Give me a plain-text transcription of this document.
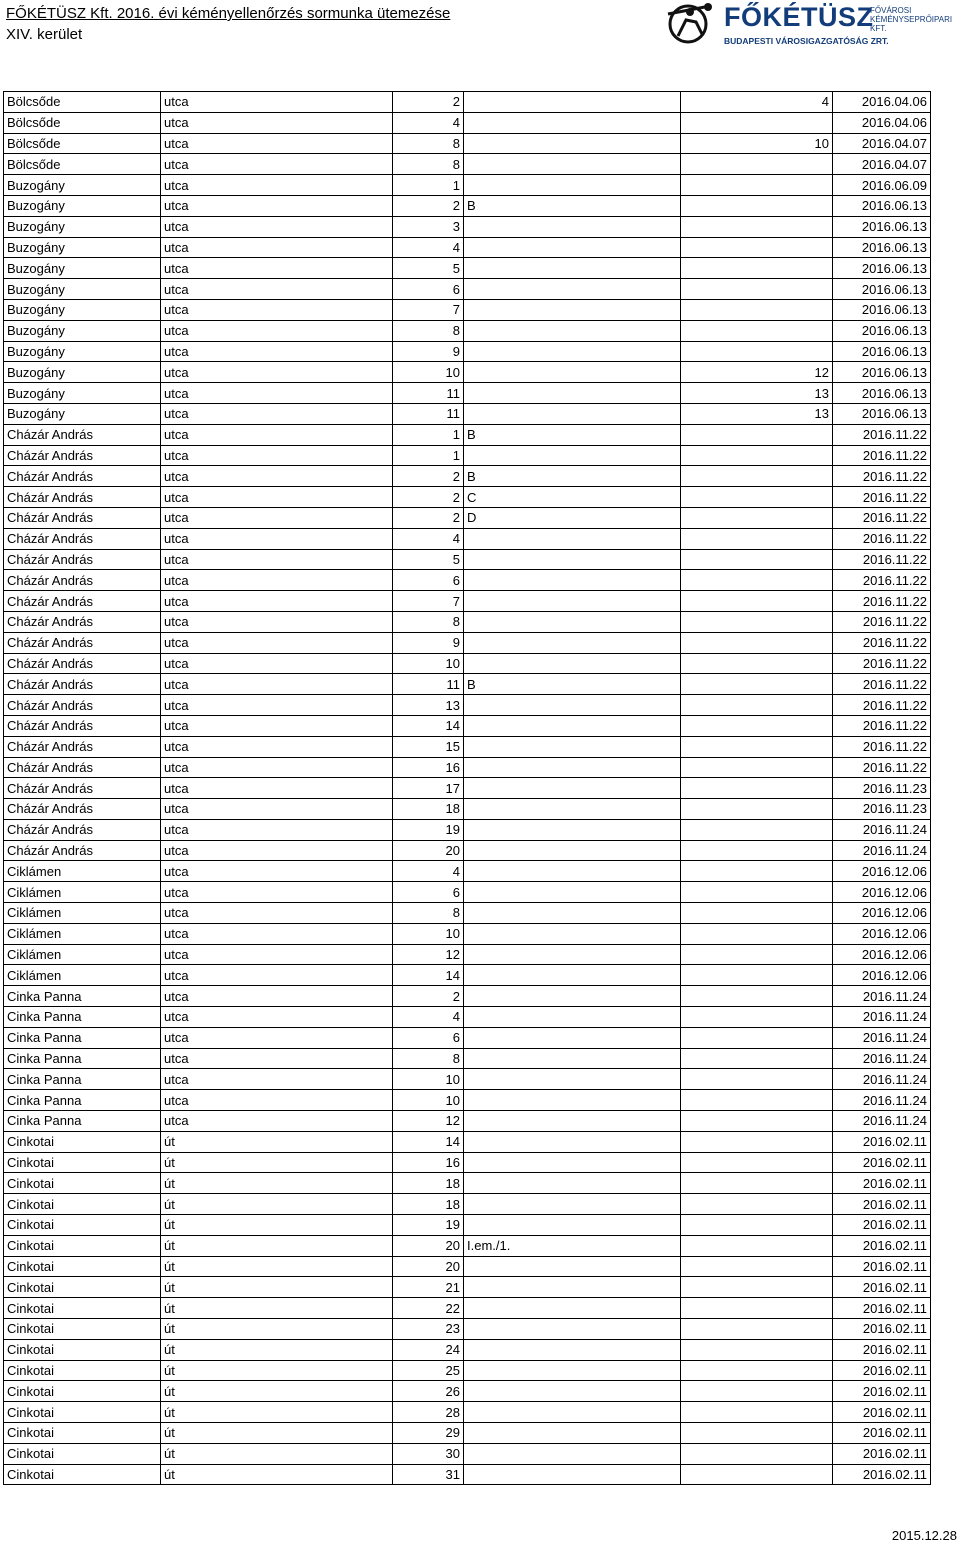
FŐKÉTÜSZ Kft. 2016. évi kéményellenőrzés sormunka ütemezése
XIV. kerület
FŐKÉTÜSZ
FŐVÁROSI KÉMÉNYSEPRŐIPARI KFT.
BUDAPESTI VÁROSIGAZGATÓSÁG ZRT.
Bölcsőde	utca	2		4	2016.04.06
Bölcsőde	utca	4			2016.04.06
Bölcsőde	utca	8		10	2016.04.07
Bölcsőde	utca	8			2016.04.07
Buzogány	utca	1			2016.06.09
Buzogány	utca	2	B		2016.06.13
Buzogány	utca	3			2016.06.13
Buzogány	utca	4			2016.06.13
Buzogány	utca	5			2016.06.13
Buzogány	utca	6			2016.06.13
Buzogány	utca	7			2016.06.13
Buzogány	utca	8			2016.06.13
Buzogány	utca	9			2016.06.13
Buzogány	utca	10		12	2016.06.13
Buzogány	utca	11		13	2016.06.13
Buzogány	utca	11		13	2016.06.13
Cházár András	utca	1	B		2016.11.22
Cházár András	utca	1			2016.11.22
Cházár András	utca	2	B		2016.11.22
Cházár András	utca	2	C		2016.11.22
Cházár András	utca	2	D		2016.11.22
Cházár András	utca	4			2016.11.22
Cházár András	utca	5			2016.11.22
Cházár András	utca	6			2016.11.22
Cházár András	utca	7			2016.11.22
Cházár András	utca	8			2016.11.22
Cházár András	utca	9			2016.11.22
Cházár András	utca	10			2016.11.22
Cházár András	utca	11	B		2016.11.22
Cházár András	utca	13			2016.11.22
Cházár András	utca	14			2016.11.22
Cházár András	utca	15			2016.11.22
Cházár András	utca	16			2016.11.22
Cházár András	utca	17			2016.11.23
Cházár András	utca	18			2016.11.23
Cházár András	utca	19			2016.11.24
Cházár András	utca	20			2016.11.24
Ciklámen	utca	4			2016.12.06
Ciklámen	utca	6			2016.12.06
Ciklámen	utca	8			2016.12.06
Ciklámen	utca	10			2016.12.06
Ciklámen	utca	12			2016.12.06
Ciklámen	utca	14			2016.12.06
Cinka Panna	utca	2			2016.11.24
Cinka Panna	utca	4			2016.11.24
Cinka Panna	utca	6			2016.11.24
Cinka Panna	utca	8			2016.11.24
Cinka Panna	utca	10			2016.11.24
Cinka Panna	utca	10			2016.11.24
Cinka Panna	utca	12			2016.11.24
Cinkotai	út	14			2016.02.11
Cinkotai	út	16			2016.02.11
Cinkotai	út	18			2016.02.11
Cinkotai	út	18			2016.02.11
Cinkotai	út	19			2016.02.11
Cinkotai	út	20	I.em./1.		2016.02.11
Cinkotai	út	20			2016.02.11
Cinkotai	út	21			2016.02.11
Cinkotai	út	22			2016.02.11
Cinkotai	út	23			2016.02.11
Cinkotai	út	24			2016.02.11
Cinkotai	út	25			2016.02.11
Cinkotai	út	26			2016.02.11
Cinkotai	út	28			2016.02.11
Cinkotai	út	29			2016.02.11
Cinkotai	út	30			2016.02.11
Cinkotai	út	31			2016.02.11
2015.12.28
